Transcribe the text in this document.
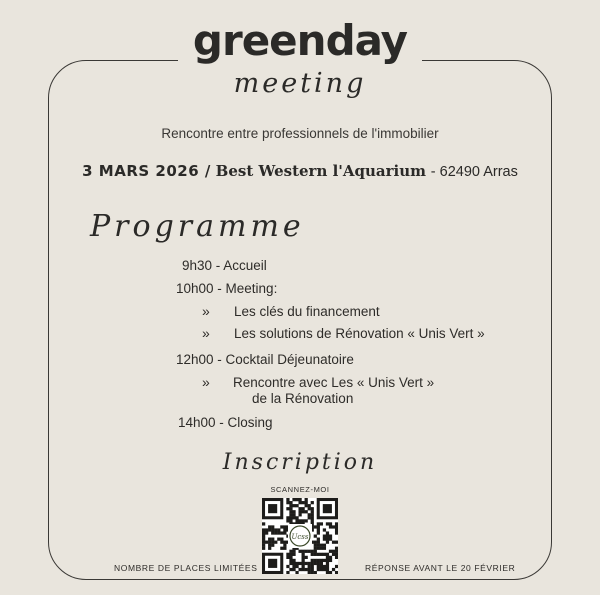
greenday
meeting
Rencontre entre professionnels de l'immobilier
3 MARS 2026 / Best Western l'Aquarium - 62490 Arras
Programme
9h30 - Accueil
10h00 - Meeting:
» Les clés du financement
» Les solutions de Rénovation « Unis Vert »
12h00 - Cocktail Déjeunatoire
» Rencontre avec Les « Unis Vert »
de la Rénovation
14h00 - Closing
Inscription
SCANNEZ-MOI
Ucss
NOMBRE DE PLACES LIMITÉES	RÉPONSE AVANT LE 20 FÉVRIER
